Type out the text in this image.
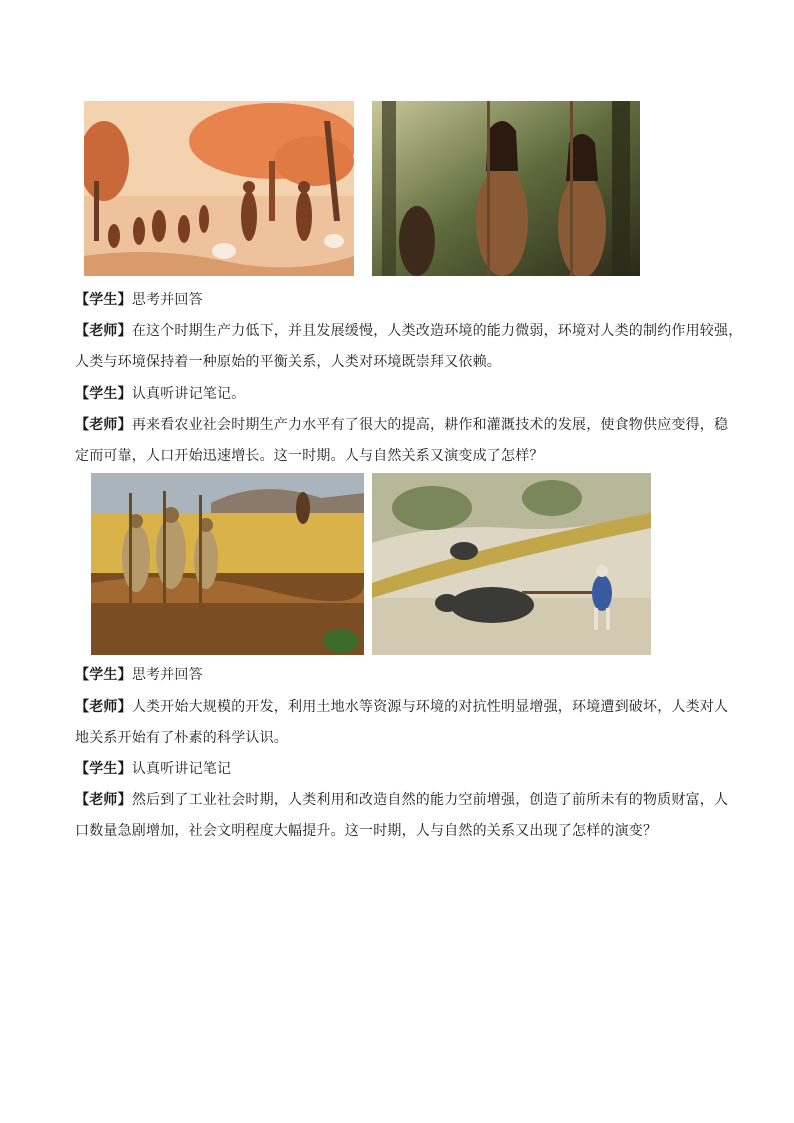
【学生】思考并回答
【老师】在这个时期生产力低下，并且发展缓慢，人类改造环境的能力微弱，环境对人类的制约作用较强，
人类与环境保持着一种原始的平衡关系，人类对环境既崇拜又依赖。
【学生】认真听讲记笔记。
【老师】再来看农业社会时期生产力水平有了很大的提高，耕作和灌溉技术的发展，使食物供应变得，稳
定而可靠，人口开始迅速增长。这一时期。人与自然关系又演变成了怎样？
【学生】思考并回答
【老师】人类开始大规模的开发，利用土地水等资源与环境的对抗性明显增强，环境遭到破坏，人类对人
地关系开始有了朴素的科学认识。
【学生】认真听讲记笔记
【老师】然后到了工业社会时期，人类利用和改造自然的能力空前增强，创造了前所未有的物质财富，人
口数量急剧增加，社会文明程度大幅提升。这一时期，人与自然的关系又出现了怎样的演变？
